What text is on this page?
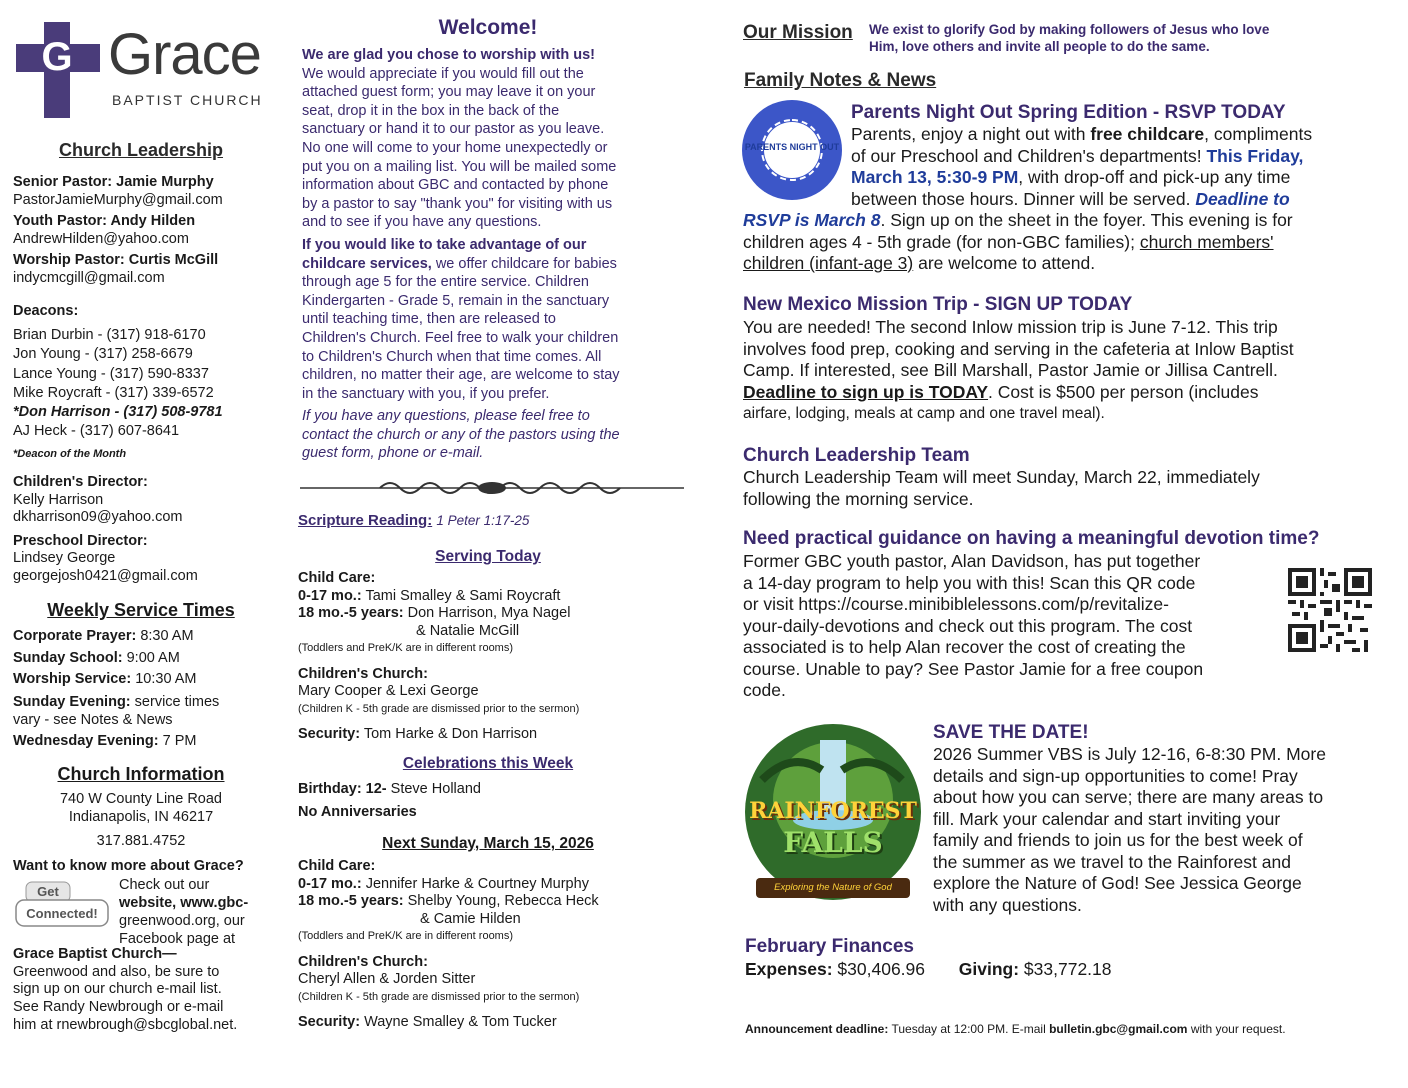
G Grace
BAPTIST CHURCH
Church Leadership
Senior Pastor: Jamie Murphy
PastorJamieMurphy@gmail.com
Youth Pastor: Andy Hilden
AndrewHilden@yahoo.com
Worship Pastor: Curtis McGill
indycmcgill@gmail.com
Deacons:
Brian Durbin - (317) 918-6170
Jon Young - (317) 258-6679
Lance Young - (317) 590-8337
Mike Roycraft - (317) 339-6572
*Don Harrison - (317) 508-9781
AJ Heck - (317) 607-8641
*Deacon of the Month
Children's Director:
Kelly Harrison
dkharrison09@yahoo.com
Preschool Director:
Lindsey George
georgejosh0421@gmail.com
Weekly Service Times
Corporate Prayer: 8:30 AM
Sunday School: 9:00 AM
Worship Service: 10:30 AM
Sunday Evening: service times
vary - see Notes & News
Wednesday Evening: 7 PM
Church Information
740 W County Line Road
Indianapolis, IN 46217
317.881.4752
Want to know more about Grace?
Get
Connected!
Check out our
website, www.gbc-
greenwood.org, our
Facebook page at
Grace Baptist Church—
Greenwood and also, be sure to
sign up on our church e-mail list.
See Randy Newbrough or e-mail
him at rnewbrough@sbcglobal.net.
Welcome!
We are glad you chose to worship with us!
We would appreciate if you would fill out the
attached guest form; you may leave it on your
seat, drop it in the box in the back of the
sanctuary or hand it to our pastor as you leave.
No one will come to your home unexpectedly or
put you on a mailing list. You will be mailed some
information about GBC and contacted by phone
by a pastor to say "thank you" for visiting with us
and to see if you have any questions.
If you would like to take advantage of our
childcare services, we offer childcare for babies
through age 5 for the entire service. Children
Kindergarten - Grade 5, remain in the sanctuary
until teaching time, then are released to
Children's Church. Feel free to walk your children
to Children's Church when that time comes. All
children, no matter their age, are welcome to stay
in the sanctuary with you, if you prefer.
If you have any questions, please feel free to
contact the church or any of the pastors using the
guest form, phone or e-mail.
Scripture Reading: 1 Peter 1:17-25
Serving Today
Child Care:
0-17 mo.: Tami Smalley & Sami Roycraft
18 mo.-5 years: Don Harrison, Mya Nagel
& Natalie McGill
(Toddlers and PreK/K are in different rooms)
Children's Church:
Mary Cooper & Lexi George
(Children K - 5th grade are dismissed prior to the sermon)
Security: Tom Harke & Don Harrison
Celebrations this Week
Birthday: 12- Steve Holland
No Anniversaries
Next Sunday, March 15, 2026
Child Care:
0-17 mo.: Jennifer Harke & Courtney Murphy
18 mo.-5 years: Shelby Young, Rebecca Heck
& Camie Hilden
(Toddlers and PreK/K are in different rooms)
Children's Church:
Cheryl Allen & Jorden Sitter
(Children K - 5th grade are dismissed prior to the sermon)
Security: Wayne Smalley & Tom Tucker
Our Mission We exist to glorify God by making followers of Jesus who love
Him, love others and invite all people to do the same.
Family Notes & News
PARENTS NIGHT OUT
Parents Night Out Spring Edition - RSVP TODAY
Parents, enjoy a night out with free childcare, compliments
of our Preschool and Children's departments! This Friday,
March 13, 5:30-9 PM, with drop-off and pick-up any time
between those hours. Dinner will be served. Deadline to
RSVP is March 8. Sign up on the sheet in the foyer. This evening is for
children ages 4 - 5th grade (for non-GBC families); church members'
children (infant-age 3) are welcome to attend.
New Mexico Mission Trip - SIGN UP TODAY
You are needed! The second Inlow mission trip is June 7-12. This trip
involves food prep, cooking and serving in the cafeteria at Inlow Baptist
Camp. If interested, see Bill Marshall, Pastor Jamie or Jillisa Cantrell.
Deadline to sign up is TODAY. Cost is $500 per person (includes
airfare, lodging, meals at camp and one travel meal).
Church Leadership Team
Church Leadership Team will meet Sunday, March 22, immediately
following the morning service.
Need practical guidance on having a meaningful devotion time?
Former GBC youth pastor, Alan Davidson, has put together
a 14-day program to help you with this! Scan this QR code
or visit https://course.minibiblelessons.com/p/revitalize-
your-daily-devotions and check out this program. The cost
associated is to help Alan recover the cost of creating the
course. Unable to pay? See Pastor Jamie for a free coupon
code.
RAINFOREST
FALLS
Exploring the Nature of God
SAVE THE DATE!
2026 Summer VBS is July 12-16, 6-8:30 PM. More
details and sign-up opportunities to come! Pray
about how you can serve; there are many areas to
fill. Mark your calendar and start inviting your
family and friends to join us for the best week of
the summer as we travel to the Rainforest and
explore the Nature of God! See Jessica George
with any questions.
February Finances
Expenses: $30,406.96 Giving: $33,772.18
Announcement deadline: Tuesday at 12:00 PM. E-mail bulletin.gbc@gmail.com with your request.
